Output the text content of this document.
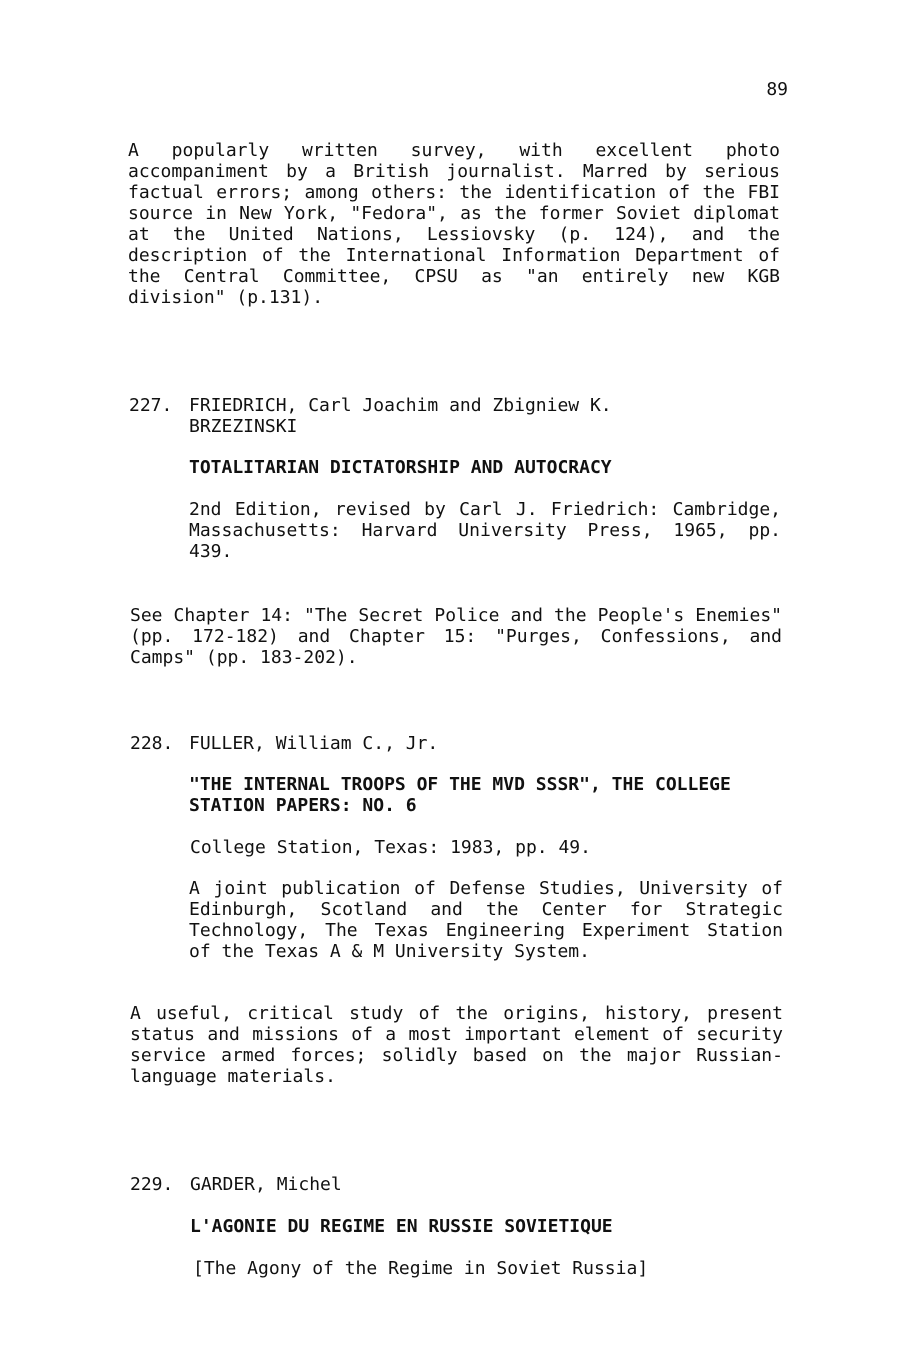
89
A popularly written survey, with excellent photo accompaniment by a British journalist. Marred by serious factual errors; among others: the identification of the FBI source in New York, "Fedora", as the former Soviet diplomat at the United Nations, Lessiovsky (p. 124), and the description of the International Information Department of the Central Committee, CPSU as "an entirely new KGB division" (p.131).
227. FRIEDRICH, Carl Joachim and Zbigniew K.
BRZEZINSKI
TOTALITARIAN DICTATORSHIP AND AUTOCRACY
2nd Edition, revised by Carl J. Friedrich: Cambridge, Massachusetts: Harvard University Press, 1965, pp. 439.
See Chapter 14: "The Secret Police and the People's Enemies" (pp. 172-182) and Chapter 15: "Purges, Confessions, and Camps" (pp. 183-202).
228. FULLER, William C., Jr.
"THE INTERNAL TROOPS OF THE MVD SSSR", THE COLLEGE
STATION PAPERS: NO. 6
College Station, Texas: 1983, pp. 49.
A joint publication of Defense Studies, University of Edinburgh, Scotland and the Center for Strategic Technology, The Texas Engineering Experiment Station of the Texas A & M University System.
A useful, critical study of the origins, history, present status and missions of a most important element of security service armed forces; solidly based on the major Russian-language materials.
229. GARDER, Michel
L'AGONIE DU REGIME EN RUSSIE SOVIETIQUE
[The Agony of the Regime in Soviet Russia]
